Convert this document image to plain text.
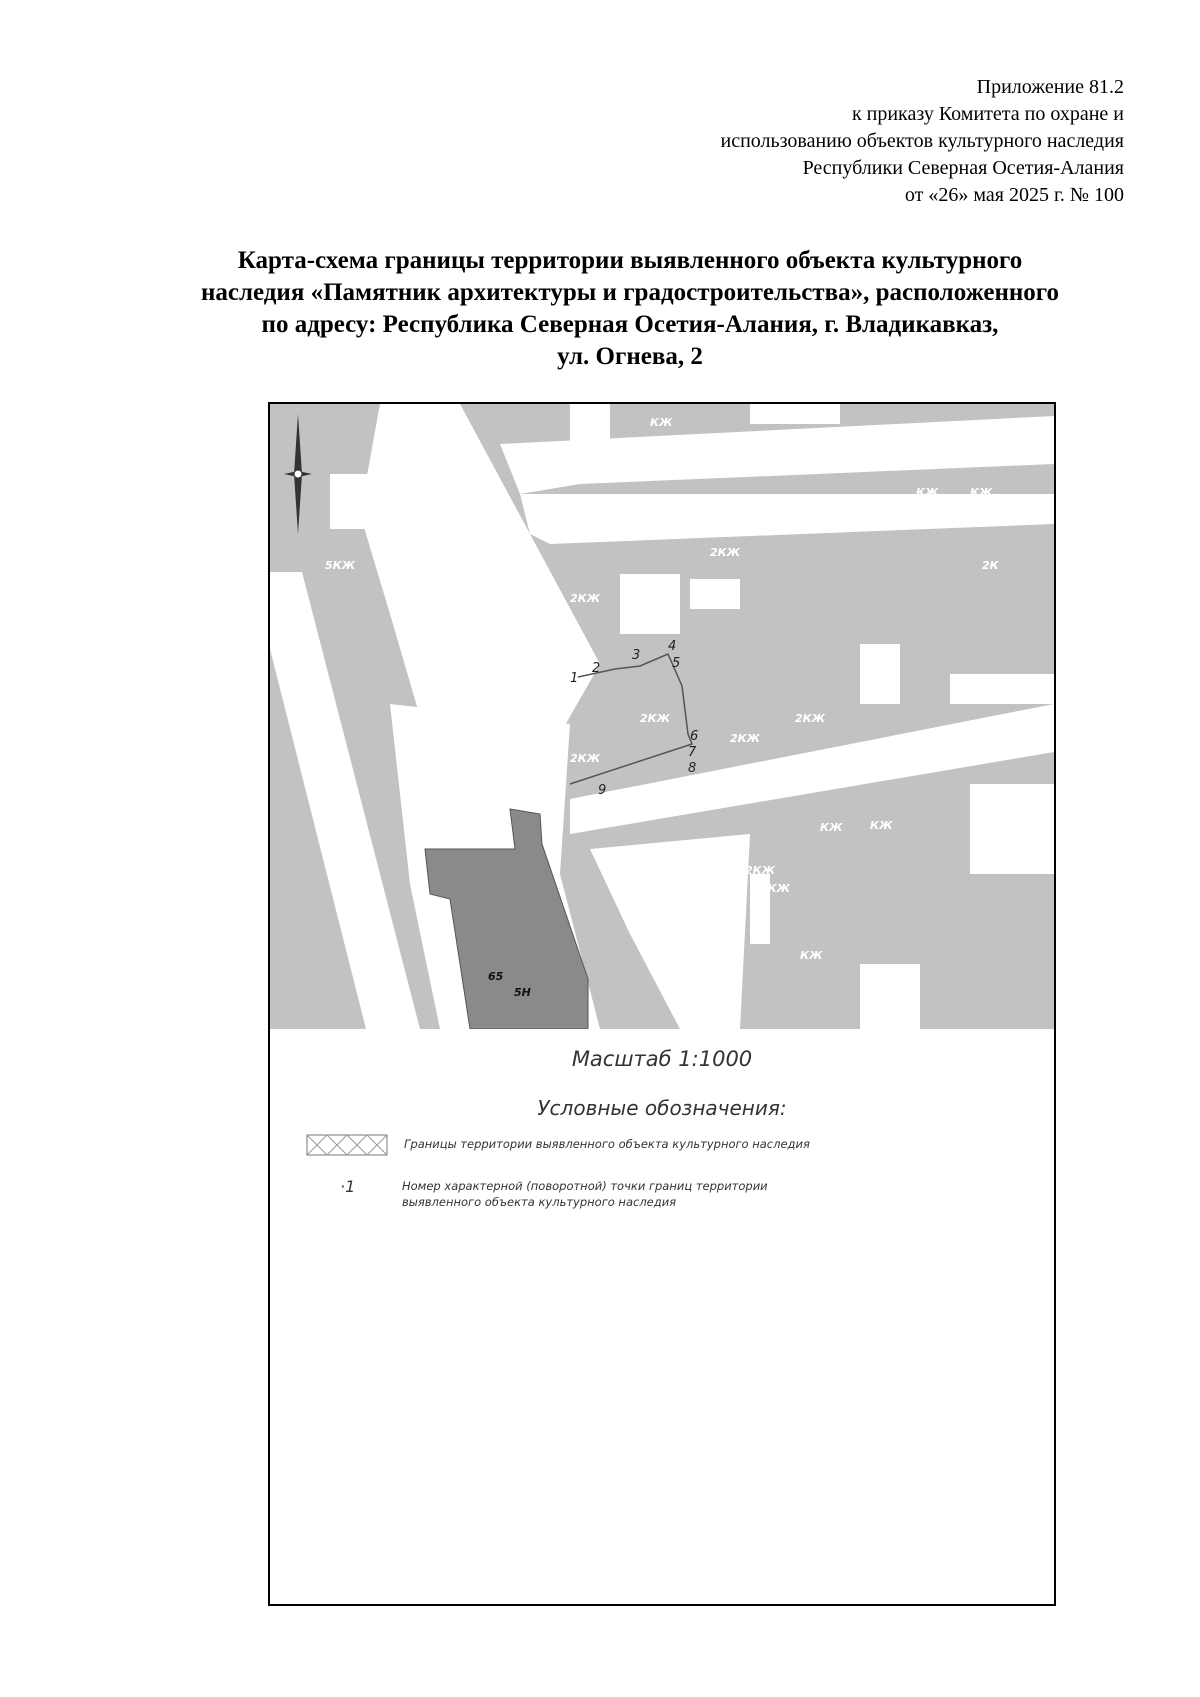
Приложение 81.2
к приказу Комитета по охране и
использованию объектов культурного наследия
Республики Северная Осетия-Алания
от «26» мая 2025 г. № 100
Карта-схема границы территории выявленного объекта культурного
наследия «Памятник архитектуры и градостроительства», расположенного
по адресу: Республика Северная Осетия-Алания, г. Владикавказ,
ул. Огнева, 2
пер. Беляйского
КЖ
2КЖ
КЖ
2КЖ
КЖ
5КЖ
КЖ
КЖ
КЖ
2КЖ
2КЖ
КЖ
2КЖ
КЖ	КЖ
2КЖ
2КЖ
2КЖ
2КЖ
КЖ
КЖ
КЖ
2КЖ
3КЖ
5КЖ	КЖ
2К
1
2
3
4
5
6
7
8
9
65
5Н
Масштаб 1:1000
Условные обозначения:
Границы территории выявленного объекта культурного наследия
·1	Номер характерной (поворотной) точки границ территории
выявленного объекта культурного наследия
